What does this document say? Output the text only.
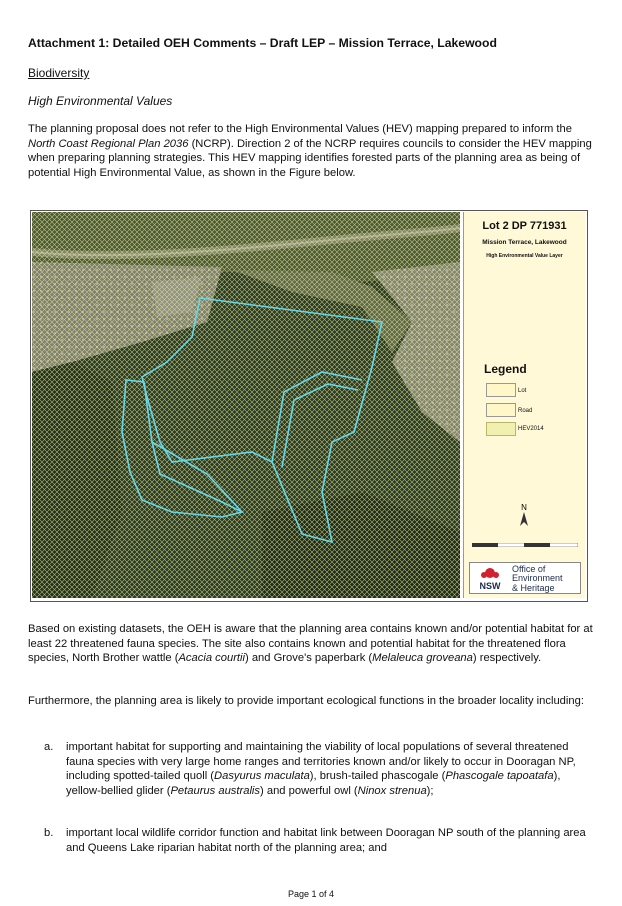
Attachment 1: Detailed OEH Comments – Draft LEP – Mission Terrace, Lakewood
Biodiversity
High Environmental Values
The planning proposal does not refer to the High Environmental Values (HEV) mapping prepared to inform the North Coast Regional Plan 2036 (NCRP). Direction 2 of the NCRP requires councils to consider the HEV mapping when preparing planning strategies. This HEV mapping identifies forested parts of the planning area as being of potential High Environmental Value, as shown in the Figure below.
Lot 2 DP 771931
Mission Terrace, Lakewood
High Environmental Value Layer
Legend
Lot
Road
HEV2014
N
NSW
Office of
Environment
& Heritage
Based on existing datasets, the OEH is aware that the planning area contains known and/or potential habitat for at least 22 threatened fauna species. The site also contains known and potential habitat for the threatened flora species, North Brother wattle (Acacia courtii) and Grove's paperbark (Melaleuca groveana) respectively.
Furthermore, the planning area is likely to provide important ecological functions in the broader locality including:
a. important habitat for supporting and maintaining the viability of local populations of several threatened fauna species with very large home ranges and territories known and/or likely to occur in Dooragan NP, including spotted-tailed quoll (Dasyurus maculata), brush-tailed phascogale (Phascogale tapoatafa), yellow-bellied glider (Petaurus australis) and powerful owl (Ninox strenua);
b. important local wildlife corridor function and habitat link between Dooragan NP south of the planning area and Queens Lake riparian habitat north of the planning area; and
Page 1 of 4
